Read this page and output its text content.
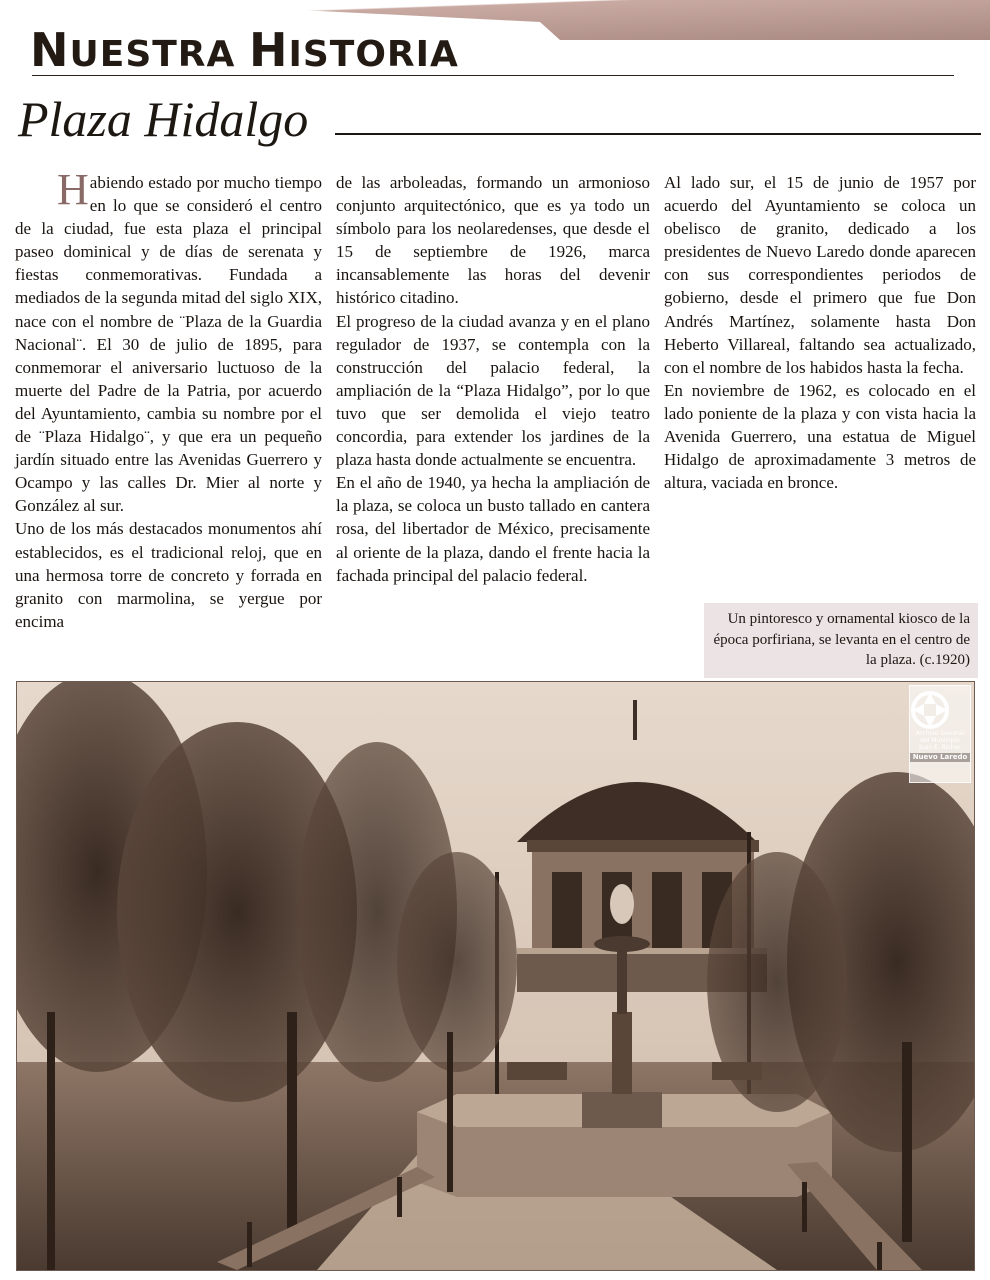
NUESTRA HISTORIA
Plaza Hidalgo

Habiendo estado por mucho tiempo en lo que se consideró el centro de la ciudad, fue esta plaza el principal paseo dominical y de días de serenata y fiestas conmemorativas. Fundada a mediados de la segunda mitad del siglo XIX, nace con el nombre de ¨Plaza de la Guardia Nacional¨. El 30 de julio de 1895, para conmemorar el aniversario luctuoso de la muerte del Padre de la Patria, por acuerdo del Ayuntamiento, cambia su nombre por el de ¨Plaza Hidalgo¨, y que era un pequeño jardín situado entre las Avenidas Guerrero y Ocampo y las calles Dr. Mier al norte y González al sur.

Uno de los más destacados monumentos ahí establecidos, es el tradicional reloj, que en una hermosa torre de concreto y forrada en granito con marmolina, se yergue por encima

de las arboleadas, formando un armonioso conjunto arquitectónico, que es ya todo un símbolo para los neolaredenses, que desde el 15 de septiembre de 1926, marca incansablemente las horas del devenir histórico citadino.

El progreso de la ciudad avanza y en el plano regulador de 1937, se contempla con la construcción del palacio federal, la ampliación de la “Plaza Hidalgo”, por lo que tuvo que ser demolida el viejo teatro concordia, para extender los jardines de la plaza hasta donde actualmente se encuentra.

En el año de 1940, ya hecha la ampliación de la plaza, se coloca un busto tallado en cantera rosa, del libertador de México, precisamente al oriente de la plaza, dando el frente hacia la fachada principal del palacio federal.

Al lado sur, el 15 de junio de 1957 por acuerdo del Ayuntamiento se coloca un obelisco de granito, dedicado a los presidentes de Nuevo Laredo donde aparecen con sus correspondientes periodos de gobierno, desde el primero que fue Don Andrés Martínez, solamente hasta Don Heberto Villareal, faltando sea actualizado, con el nombre de los habidos hasta la fecha.

En noviembre de 1962, es colocado en el lado poniente de la plaza y con vista hacia la Avenida Guerrero, una estatua de Miguel Hidalgo de aproximadamente 3 metros de altura, vaciada en bronce.

Un pintoresco y ornamental kiosco de la época porfiriana, se levanta en el centro de la plaza. (c.1920)

Archivo General
del Municipio
Juan E. Richer
Nuevo Laredo
